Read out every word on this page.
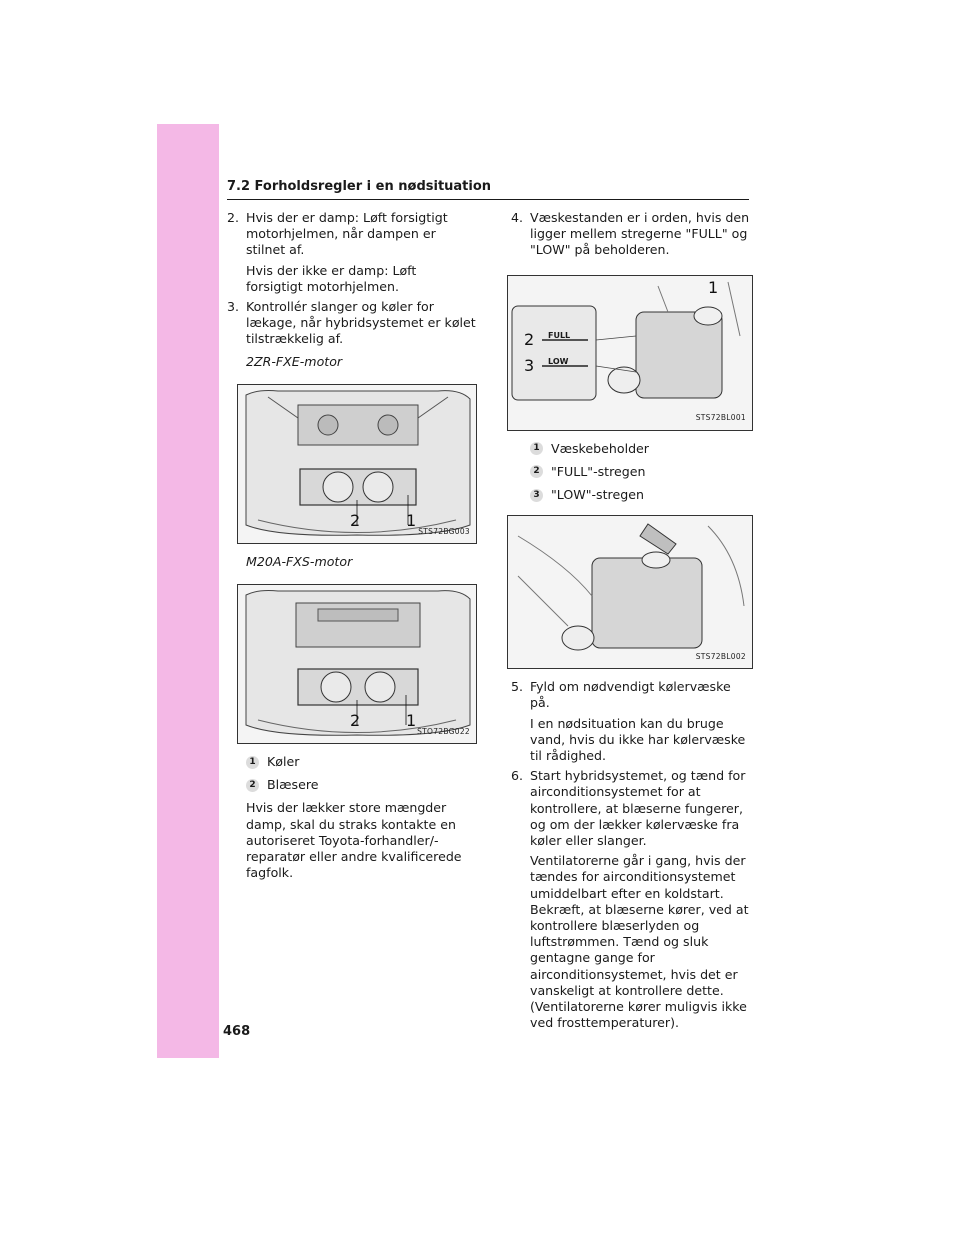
7.2 Forholdsregler i en nødsituation
2. Hvis der er damp: Løft forsigtigt motorhjelmen, når dampen er stilnet af.
Hvis der ikke er damp: Løft forsigtigt motorhjelmen.
3. Kontrollér slanger og køler for lækage, når hybridsystemet er kølet tilstrækkelig af.
2ZR-FXE-motor
2	1
STS72BG003
M20A-FXS-motor
2	1
STO72BG022
1 Køler
2 Blæsere
Hvis der lækker store mængder damp, skal du straks kontakte en autoriseret Toyota-forhandler/-reparatør eller andre kvalificerede fagfolk.
4. Væskestanden er i orden, hvis den ligger mellem stregerne "FULL" og "LOW" på beholderen.
FULL
LOW
2
3
1
STS72BL001
1 Væskebeholder
2 "FULL"-stregen
3 "LOW"-stregen
STS72BL002
5. Fyld om nødvendigt kølervæske på.
I en nødsituation kan du bruge vand, hvis du ikke har kølervæske til rådighed.
6. Start hybridsystemet, og tænd for airconditionsystemet for at kontrollere, at blæserne fungerer, og om der lækker kølervæske fra køler eller slanger.
Ventilatorerne går i gang, hvis der tændes for airconditionsystemet umiddelbart efter en koldstart. Bekræft, at blæserne kører, ved at kontrollere blæserlyden og luftstrømmen. Tænd og sluk gentagne gange for airconditionsystemet, hvis det er vanskeligt at kontrollere dette. (Ventilatorerne kører muligvis ikke ved frosttemperaturer).
468
